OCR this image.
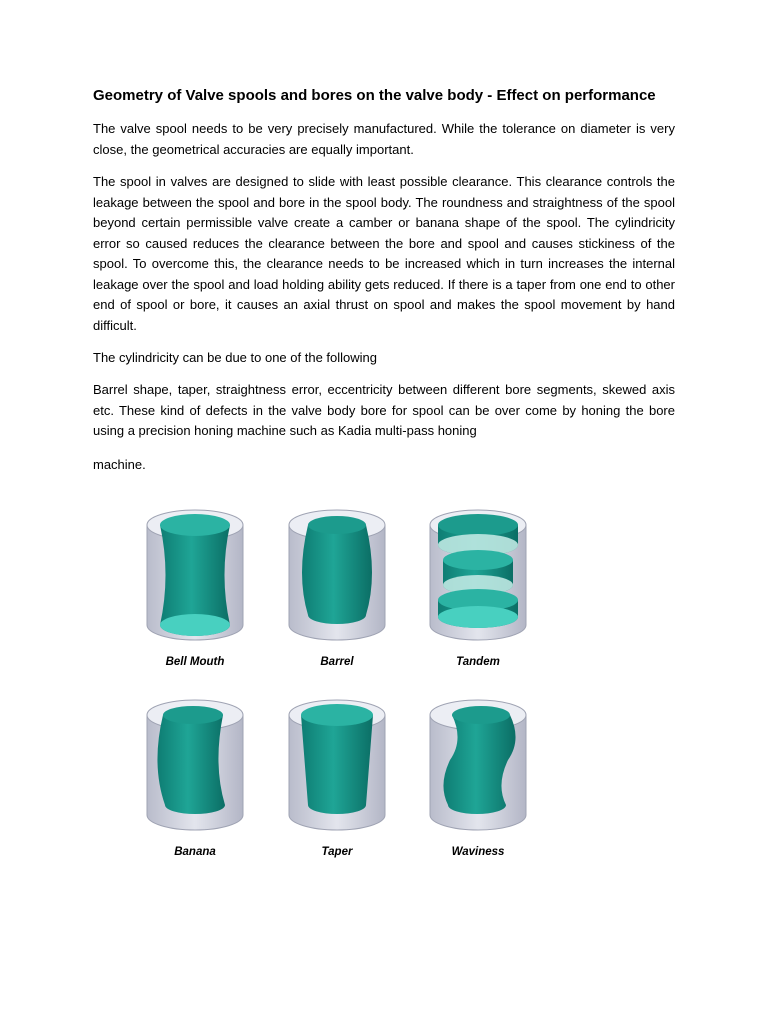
Geometry of Valve spools and bores on the valve body - Effect on performance

The valve spool needs to be very precisely manufactured. While the tolerance on diameter is very close, the geometrical accuracies are equally important.

The spool in valves are designed to slide with least possible clearance. This clearance controls the leakage between the spool and bore in the spool body. The roundness and straightness of the spool beyond certain permissible valve create a camber or banana shape of the spool. The cylindricity error so caused reduces the clearance between the bore and spool and causes stickiness of the spool. To overcome this, the clearance needs to be increased which in turn increases the internal leakage over the spool and load holding ability gets reduced. If there is a taper from one end to other end of spool or bore, it causes an axial thrust on spool and makes the spool movement by hand difficult.

The cylindricity can be due to one of the following

Barrel shape, taper, straightness error, eccentricity between different bore segments, skewed axis etc. These kind of defects in the valve body bore for spool can be over come by honing the bore using a precision honing machine such as Kadia multi-pass honing

machine.

Bell Mouth	Barrel	Tandem
Banana	Taper	Waviness
